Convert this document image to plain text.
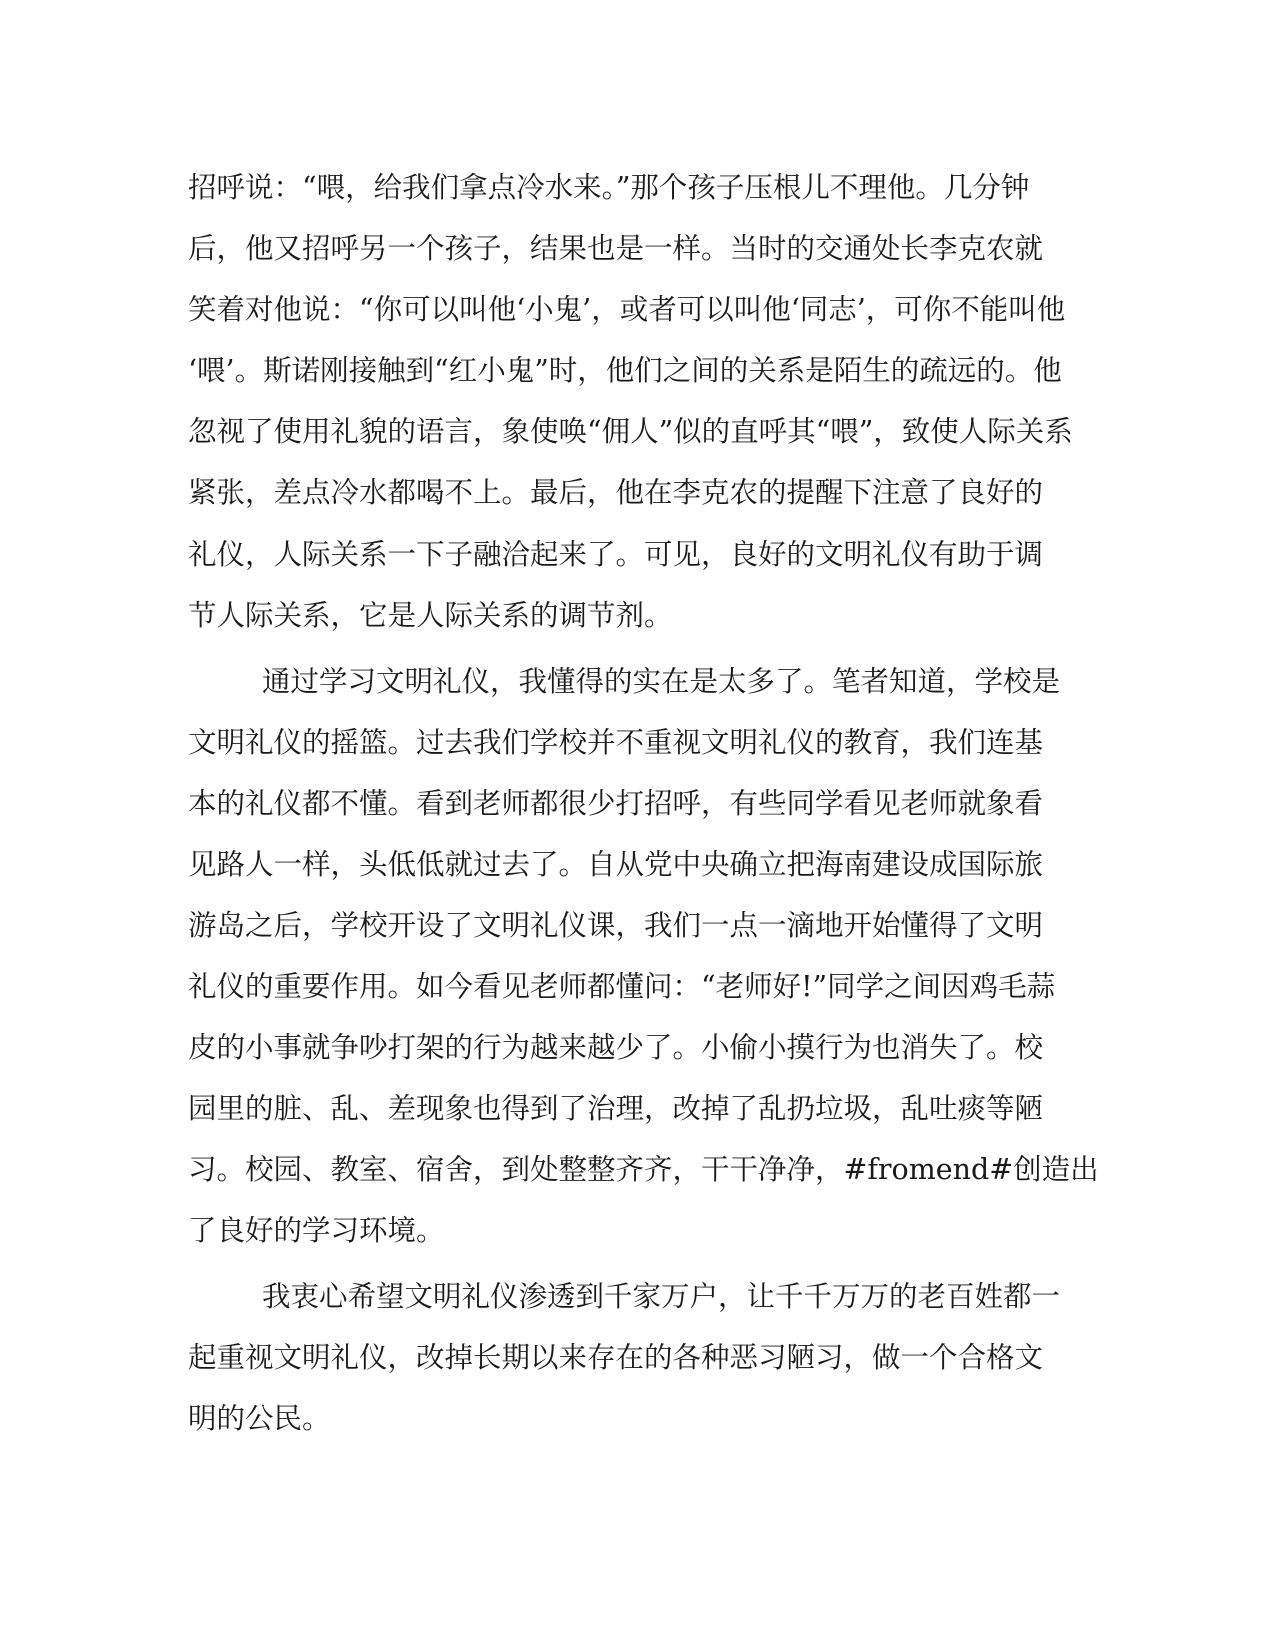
招呼说：“喂，给我们拿点冷水来。”那个孩子压根儿不理他。几分钟
后，他又招呼另一个孩子，结果也是一样。当时的交通处长李克农就
笑着对他说：“你可以叫他‘小鬼’，或者可以叫他‘同志’，可你不能叫他
‘喂’。斯诺刚接触到“红小鬼”时，他们之间的关系是陌生的疏远的。他
忽视了使用礼貌的语言，象使唤“佣人”似的直呼其“喂”，致使人际关系
紧张，差点冷水都喝不上。最后，他在李克农的提醒下注意了良好的
礼仪，人际关系一下子融洽起来了。可见，良好的文明礼仪有助于调
节人际关系，它是人际关系的调节剂。
通过学习文明礼仪，我懂得的实在是太多了。笔者知道，学校是
文明礼仪的摇篮。过去我们学校并不重视文明礼仪的教育，我们连基
本的礼仪都不懂。看到老师都很少打招呼，有些同学看见老师就象看
见路人一样，头低低就过去了。自从党中央确立把海南建设成国际旅
游岛之后，学校开设了文明礼仪课，我们一点一滴地开始懂得了文明
礼仪的重要作用。如今看见老师都懂问：“老师好!”同学之间因鸡毛蒜
皮的小事就争吵打架的行为越来越少了。小偷小摸行为也消失了。校
园里的脏、乱、差现象也得到了治理，改掉了乱扔垃圾，乱吐痰等陋
习。校园、教室、宿舍，到处整整齐齐，干干净净，#fromend#创造出
了良好的学习环境。
我衷心希望文明礼仪渗透到千家万户，让千千万万的老百姓都一
起重视文明礼仪，改掉长期以来存在的各种恶习陋习，做一个合格文
明的公民。
